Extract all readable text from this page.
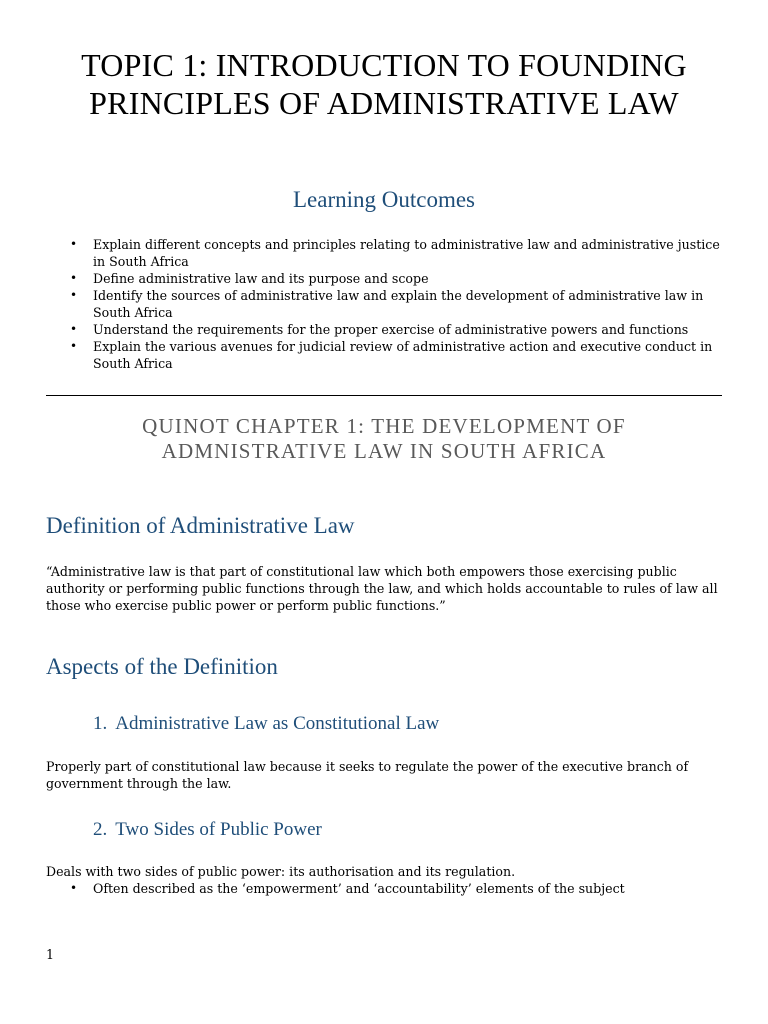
TOPIC 1: INTRODUCTION TO FOUNDING
PRINCIPLES OF ADMINISTRATIVE LAW
Learning Outcomes
• Explain different concepts and principles relating to administrative law and administrative justice in South Africa
• Define administrative law and its purpose and scope
• Identify the sources of administrative law and explain the development of administrative law in South Africa
• Understand the requirements for the proper exercise of administrative powers and functions
• Explain the various avenues for judicial review of administrative action and executive conduct in South Africa
QUINOT CHAPTER 1: THE DEVELOPMENT OF
ADMNISTRATIVE LAW IN SOUTH AFRICA
Definition of Administrative Law
“Administrative law is that part of constitutional law which both empowers those exercising public authority or performing public functions through the law, and which holds accountable to rules of law all those who exercise public power or perform public functions.”
Aspects of the Definition
1. Administrative Law as Constitutional Law
Properly part of constitutional law because it seeks to regulate the power of the executive branch of government through the law.
2. Two Sides of Public Power
Deals with two sides of public power: its authorisation and its regulation.
• Often described as the ‘empowerment’ and ‘accountability’ elements of the subject
1
